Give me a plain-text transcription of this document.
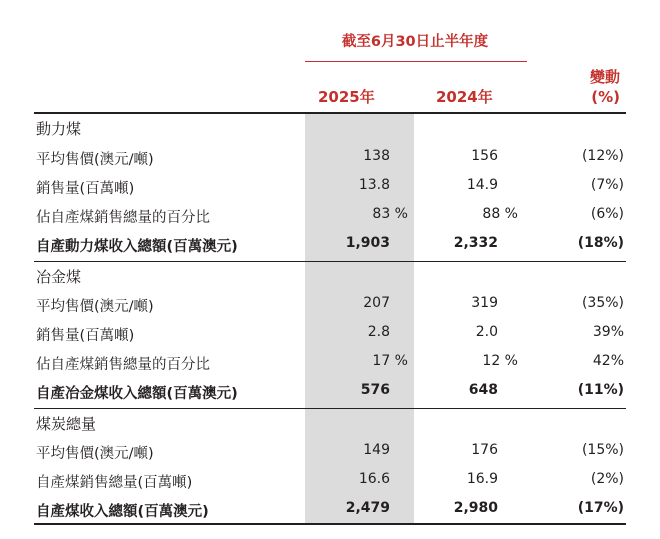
截至6月30日止半年度
2025年	2024年
變動
(%)
動力煤
平均售價(澳元/噸)	138	156	(12%)
銷售量(百萬噸)	13.8	14.9	(7%)
佔自產煤銷售總量的百分比	83 %	88 %	(6%)
自產動力煤收入總額(百萬澳元)	1,903	2,332	(18%)
冶金煤
平均售價(澳元/噸)	207	319	(35%)
銷售量(百萬噸)	2.8	2.0	39%
佔自產煤銷售總量的百分比	17 %	12 %	42%
自產冶金煤收入總額(百萬澳元)	576	648	(11%)
煤炭總量
平均售價(澳元/噸)	149	176	(15%)
自產煤銷售總量(百萬噸)	16.6	16.9	(2%)
自產煤收入總額(百萬澳元)	2,479	2,980	(17%)
